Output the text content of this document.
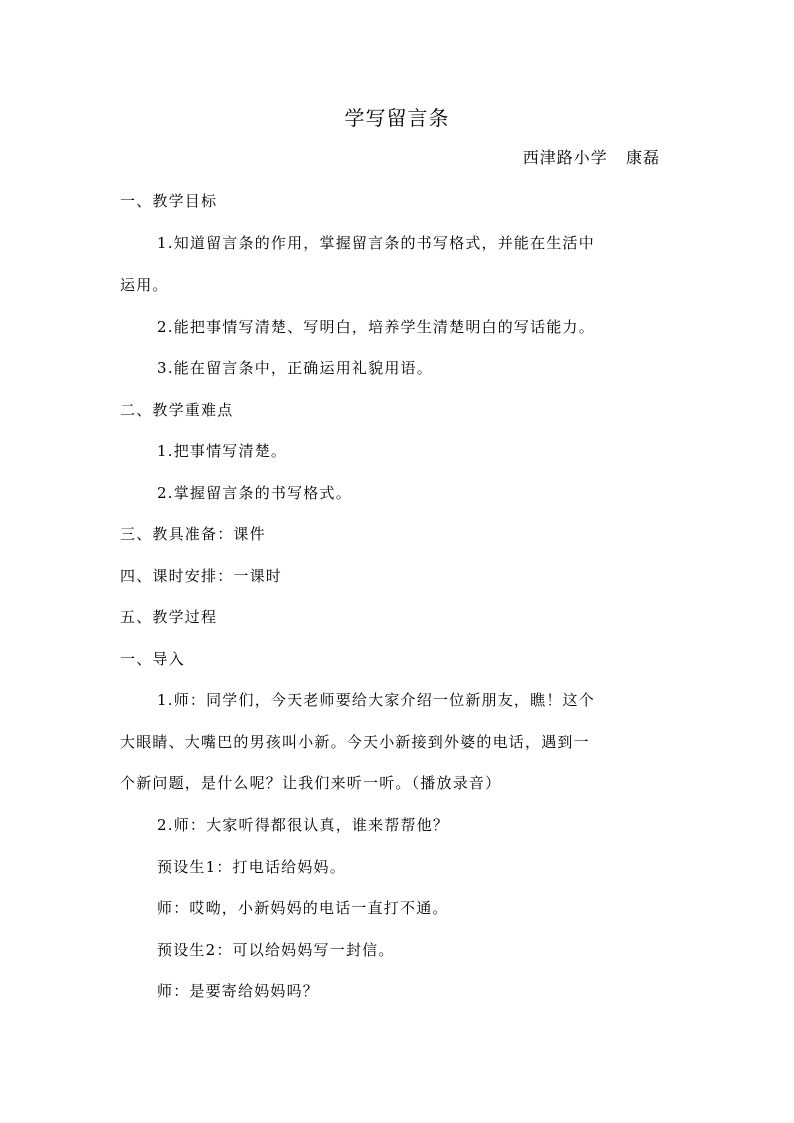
学写留言条
西津路小学   康磊
一、教学目标
1.知道留言条的作用，掌握留言条的书写格式，并能在生活中
运用。
2.能把事情写清楚、写明白，培养学生清楚明白的写话能力。
3.能在留言条中，正确运用礼貌用语。
二、教学重难点
1.把事情写清楚。
2.掌握留言条的书写格式。
三、教具准备：课件
四、课时安排：一课时
五、教学过程
一、导入
1.师：同学们，今天老师要给大家介绍一位新朋友，瞧！这个
大眼睛、大嘴巴的男孩叫小新。今天小新接到外婆的电话，遇到一
个新问题，是什么呢？让我们来听一听。（播放录音）
2.师：大家听得都很认真，谁来帮帮他？
预设生1：打电话给妈妈。
师：哎呦，小新妈妈的电话一直打不通。
预设生2：可以给妈妈写一封信。
师：是要寄给妈妈吗？
